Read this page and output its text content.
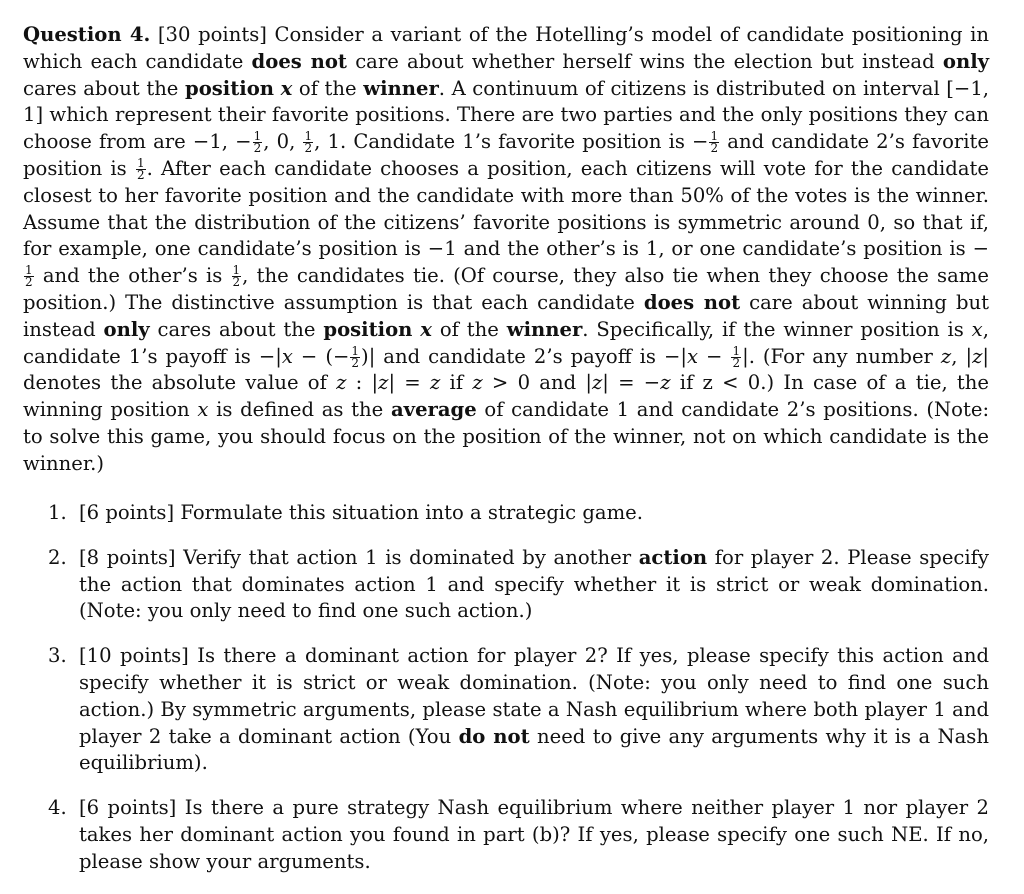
Question 4. [30 points] Consider a variant of the Hotelling’s model of candidate positioning in which each candidate does not care about whether herself wins the election but instead only cares about the position x of the winner. A continuum of citizens is distributed on interval [−1, 1] which represent their favorite positions. There are two parties and the only positions they can choose from are −1, − $\frac{1}{2}$ , 0, $\frac{1}{2}$ , 1. Candidate 1’s favorite position is − $\frac{1}{2}$ and candidate 2’s favorite position is $\frac{1}{2}$ . After each candidate chooses a position, each citizens will vote for the candidate closest to her favorite position and the candidate with more than 50% of the votes is the winner. Assume that the distribution of the citizens’ favorite positions is symmetric around 0, so that if, for example, one candidate’s position is −1 and the other’s is 1, or one candidate’s position is −
$\frac{1}{2}$ and the other’s is $\frac{1}{2}$ , the candidates tie. (Of course, they also tie when they choose the same position.) The distinctive assumption is that each candidate does not care about winning but instead only cares about the position x of the winner. Specifically, if the winner position is x, candidate 1’s payoff is −|x − (− $\frac{1}{2}$ )| and candidate 2’s payoff is $-|x - \frac{1}{2}$ |. (For any number z, |z| denotes the absolute value of z : |z| = z if z > 0 and |z| = −z if z < 0.) In case of a tie, the winning position x is defined as the average of candidate 1 and candidate 2’s positions. (Note: to solve this game, you should focus on the position of the winner, not on which candidate is the winner.)
1. [6 points] Formulate this situation into a strategic game.
2. [8 points] Verify that action 1 is dominated by another action for player 2. Please specify the action that dominates action 1 and specify whether it is strict or weak domination. (Note: you only need to find one such action.)
3. [10 points] Is there a dominant action for player 2? If yes, please specify this action and specify whether it is strict or weak domination. (Note: you only need to find one such action.) By symmetric arguments, please state a Nash equilibrium where both player 1 and player 2 take a dominant action (You do not need to give any arguments why it is a Nash equilibrium).
4. [6 points] Is there a pure strategy Nash equilibrium where neither player 1 nor player 2 takes her dominant action you found in part (b)? If yes, please specify one such NE. If no, please show your arguments.
